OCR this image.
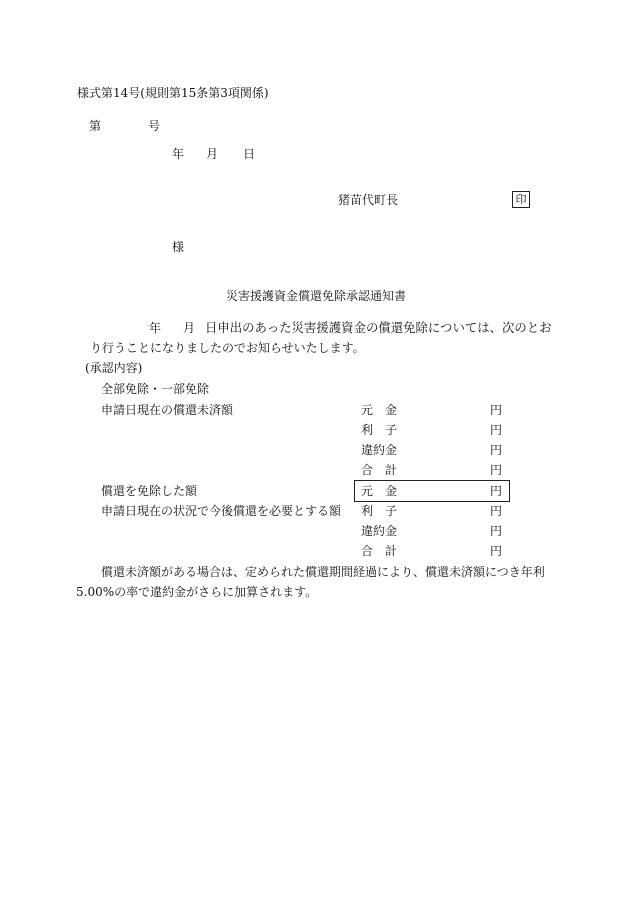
様式第14号(規則第15条第3項関係)
第	号
年 月 日
猪苗代町長	印
様
災害援護資金償還免除承認通知書
年 月 日申出のあった災害援護資金の償還免除については、次のとお
り行うことになりましたのでお知らせいたします。
(承認内容)
全部免除・一部免除
申請日現在の償還未済額	元　金	円
利　子	円
違約金	円
合　計	円
償還を免除した額	元　金	円
申請日現在の状況で今後償還を必要とする額 利　子	円
違約金	円
合　計	円
償還未済額がある場合は、定められた償還期間経過により、償還未済額につき年利
5.00%の率で違約金がさらに加算されます。
